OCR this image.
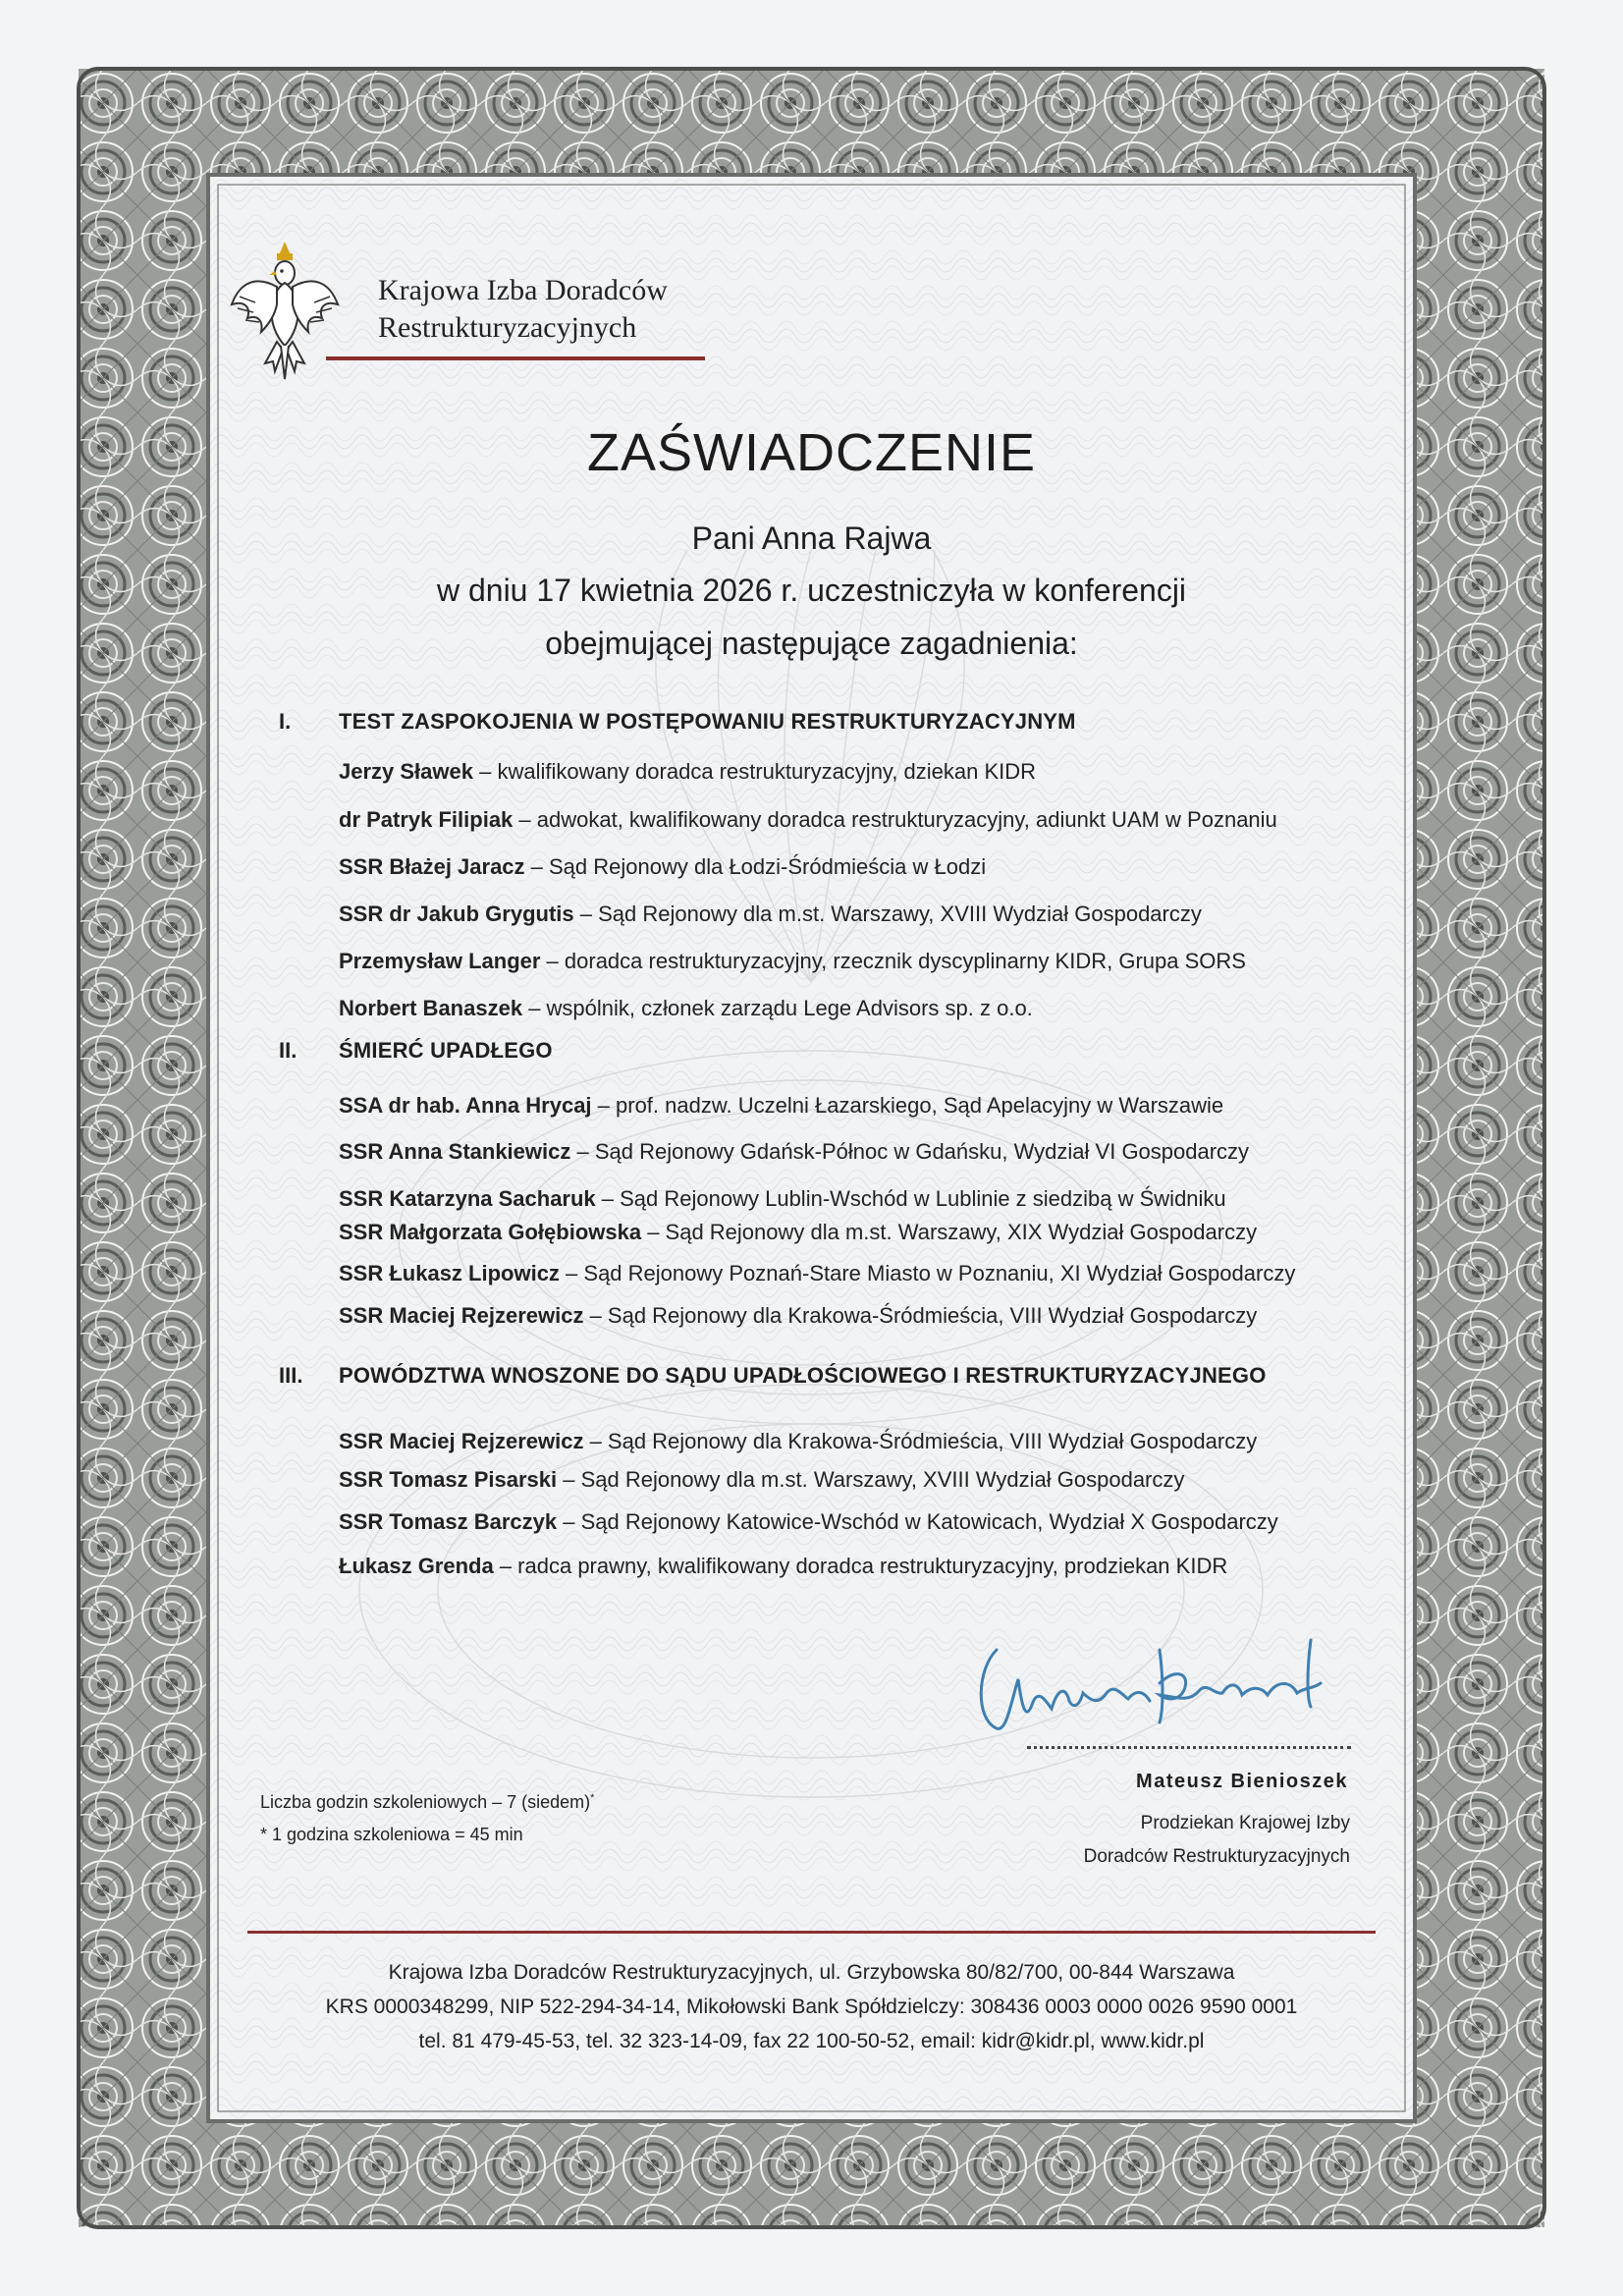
Krajowa Izba Doradców
Restrukturyzacyjnych
ZAŚWIADCZENIE
Pani Anna Rajwa
w dniu 17 kwietnia 2026 r. uczestniczyła w konferencji
obejmującej następujące zagadnienia:
I. TEST ZASPOKOJENIA W POSTĘPOWANIU RESTRUKTURYZACYJNYM
Jerzy Sławek – kwalifikowany doradca restrukturyzacyjny, dziekan KIDR
dr Patryk Filipiak – adwokat, kwalifikowany doradca restrukturyzacyjny, adiunkt UAM w Poznaniu
SSR Błażej Jaracz – Sąd Rejonowy dla Łodzi-Śródmieścia w Łodzi
SSR dr Jakub Grygutis – Sąd Rejonowy dla m.st. Warszawy, XVIII Wydział Gospodarczy
Przemysław Langer – doradca restrukturyzacyjny, rzecznik dyscyplinarny KIDR, Grupa SORS
Norbert Banaszek – wspólnik, członek zarządu Lege Advisors sp. z o.o.
II. ŚMIERĆ UPADŁEGO
SSA dr hab. Anna Hrycaj – prof. nadzw. Uczelni Łazarskiego, Sąd Apelacyjny w Warszawie
SSR Anna Stankiewicz – Sąd Rejonowy Gdańsk-Północ w Gdańsku, Wydział VI Gospodarczy
SSR Katarzyna Sacharuk – Sąd Rejonowy Lublin-Wschód w Lublinie z siedzibą w Świdniku
SSR Małgorzata Gołębiowska – Sąd Rejonowy dla m.st. Warszawy, XIX Wydział Gospodarczy
SSR Łukasz Lipowicz – Sąd Rejonowy Poznań-Stare Miasto w Poznaniu, XI Wydział Gospodarczy
SSR Maciej Rejzerewicz – Sąd Rejonowy dla Krakowa-Śródmieścia, VIII Wydział Gospodarczy
III. POWÓDZTWA WNOSZONE DO SĄDU UPADŁOŚCIOWEGO I RESTRUKTURYZACYJNEGO
SSR Maciej Rejzerewicz – Sąd Rejonowy dla Krakowa-Śródmieścia, VIII Wydział Gospodarczy
SSR Tomasz Pisarski – Sąd Rejonowy dla m.st. Warszawy, XVIII Wydział Gospodarczy
SSR Tomasz Barczyk – Sąd Rejonowy Katowice-Wschód w Katowicach, Wydział X Gospodarczy
Łukasz Grenda – radca prawny, kwalifikowany doradca restrukturyzacyjny, prodziekan KIDR
Liczba godzin szkoleniowych – 7 (siedem)*
* 1 godzina szkoleniowa = 45 min
Mateusz Bienioszek
Prodziekan Krajowej Izby
Doradców Restrukturyzacyjnych
Krajowa Izba Doradców Restrukturyzacyjnych, ul. Grzybowska 80/82/700, 00-844 Warszawa
KRS 0000348299, NIP 522-294-34-14, Mikołowski Bank Spółdzielczy: 308436 0003 0000 0026 9590 0001
tel. 81 479-45-53, tel. 32 323-14-09, fax 22 100-50-52, email: kidr@kidr.pl, www.kidr.pl
